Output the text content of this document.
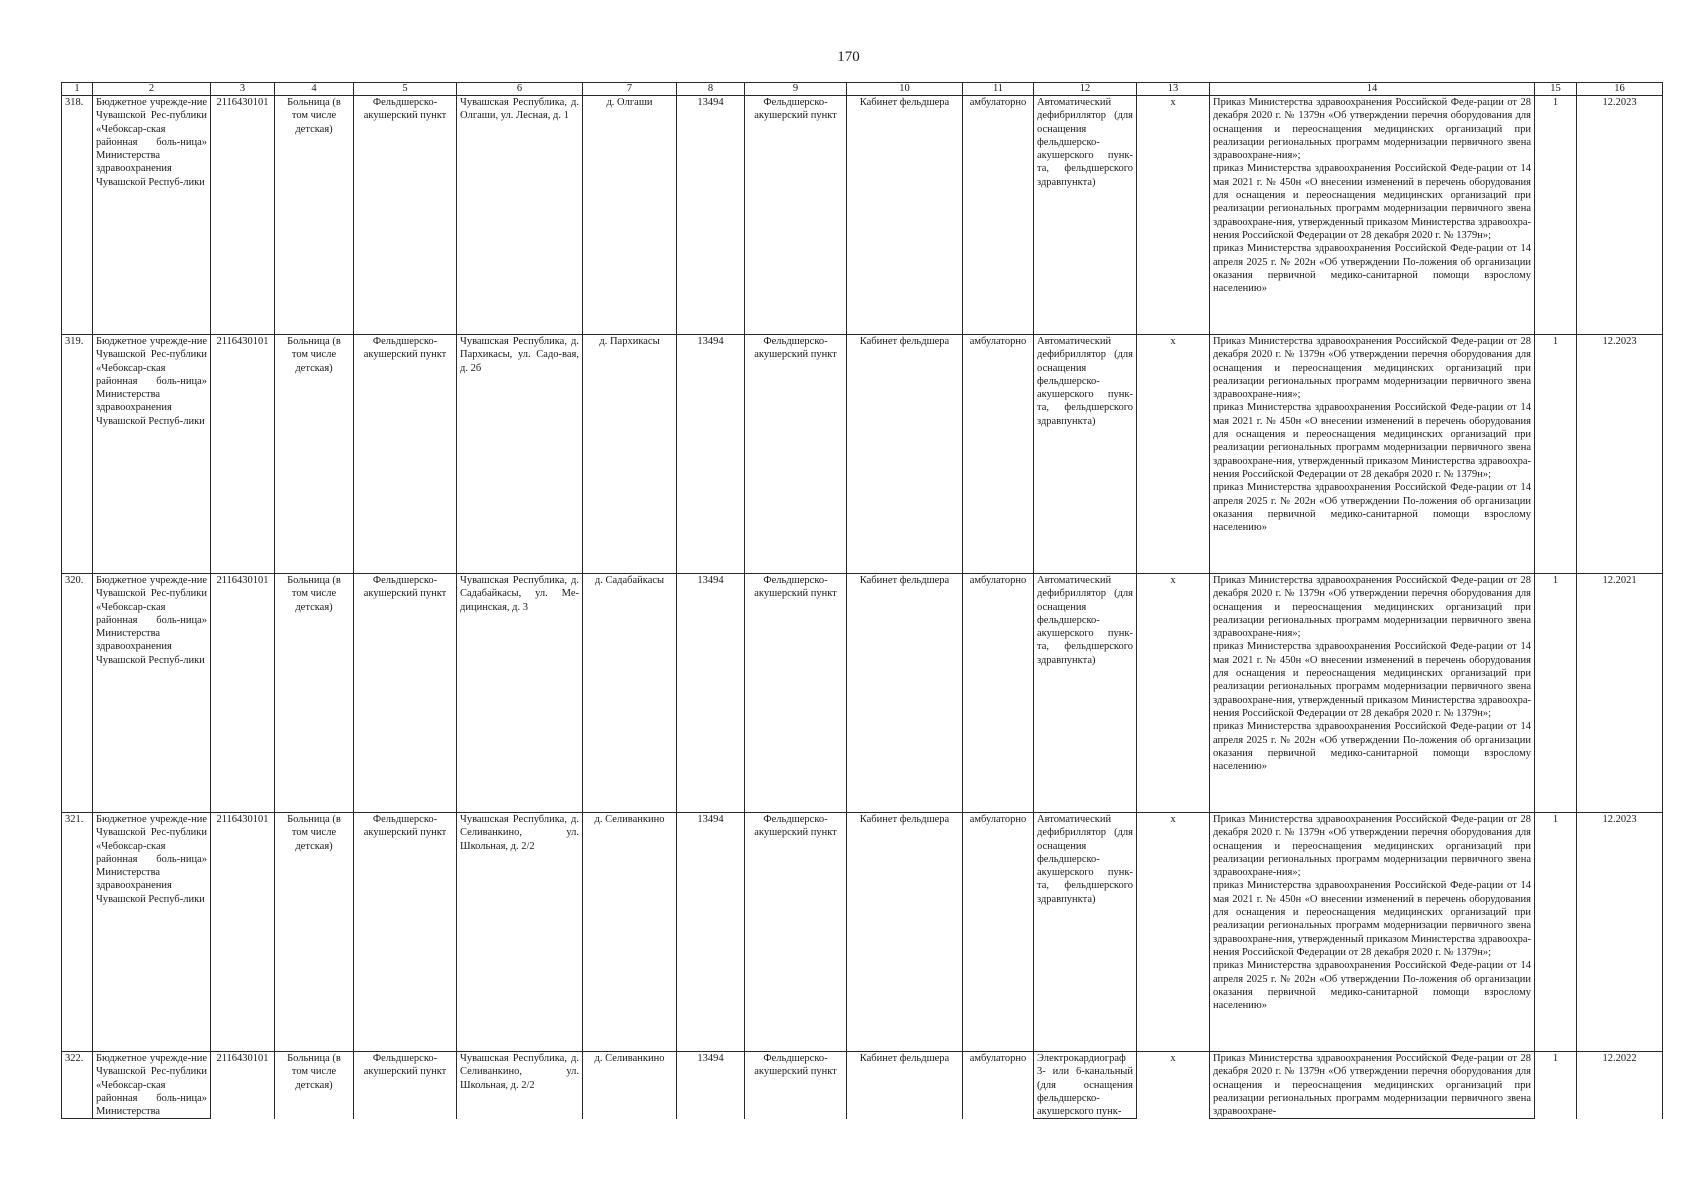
170
1	2	3	4	5	6	7	8	9	10	11	12	13	14	15	16
318.	Бюджетное учрежде-ние Чувашской Рес-публики «Чебоксар-ская районная боль-ница» Министерства здравоохранения Чувашской Респуб-лики	2116430101	Больница (в том числе детская)	Фельдшерско-акушерский пункт	Чувашская Республика, д. Олгаши, ул. Лесная, д. 1	д. Олгаши	13494	Фельдшерско-акушерский пункт	Кабинет фельдшера	амбулаторно	Автоматический дефибриллятор (для оснащения фельдшерско-акушерского пунк-та, фельдшерского здравпункта)	x	Приказ Министерства здравоохранения Российской Феде-рации от 28 декабря 2020 г. № 1379н «Об утверждении перечня оборудования для оснащения и переоснащения медицинских организаций при реализации региональных программ модернизации первичного звена здравоохране-ния»;
приказ Министерства здравоохранения Российской Феде-рации от 14 мая 2021 г. № 450н «О внесении изменений в перечень оборудования для оснащения и переоснащения медицинских организаций при реализации региональных программ модернизации первичного звена здравоохране-ния, утвержденный приказом Министерства здравоохра-нения Российской Федерации от 28 декабря 2020 г. № 1379н»;
приказ Министерства здравоохранения Российской Феде-рации от 14 апреля 2025 г. № 202н «Об утверждении По-ложения об организации оказания первичной медико-санитарной помощи взрослому населению»	1	12.2023
319.	Бюджетное учрежде-ние Чувашской Рес-публики «Чебоксар-ская районная боль-ница» Министерства здравоохранения Чувашской Респуб-лики	2116430101	Больница (в том числе детская)	Фельдшерско-акушерский пункт	Чувашская Республика, д. Пархикасы, ул. Садо-вая, д. 2б	д. Пархикасы	13494	Фельдшерско-акушерский пункт	Кабинет фельдшера	амбулаторно	Автоматический дефибриллятор (для оснащения фельдшерско-акушерского пунк-та, фельдшерского здравпункта)	x	Приказ Министерства здравоохранения Российской Феде-рации от 28 декабря 2020 г. № 1379н «Об утверждении перечня оборудования для оснащения и переоснащения медицинских организаций при реализации региональных программ модернизации первичного звена здравоохране-ния»;
приказ Министерства здравоохранения Российской Феде-рации от 14 мая 2021 г. № 450н «О внесении изменений в перечень оборудования для оснащения и переоснащения медицинских организаций при реализации региональных программ модернизации первичного звена здравоохране-ния, утвержденный приказом Министерства здравоохра-нения Российской Федерации от 28 декабря 2020 г. № 1379н»;
приказ Министерства здравоохранения Российской Феде-рации от 14 апреля 2025 г. № 202н «Об утверждении По-ложения об организации оказания первичной медико-санитарной помощи взрослому населению»	1	12.2023
320.	Бюджетное учрежде-ние Чувашской Рес-публики «Чебоксар-ская районная боль-ница» Министерства здравоохранения Чувашской Респуб-лики	2116430101	Больница (в том числе детская)	Фельдшерско-акушерский пункт	Чувашская Республика, д. Садабайкасы, ул. Ме-дицинская, д. 3	д. Садабайкасы	13494	Фельдшерско-акушерский пункт	Кабинет фельдшера	амбулаторно	Автоматический дефибриллятор (для оснащения фельдшерско-акушерского пунк-та, фельдшерского здравпункта)	x	Приказ Министерства здравоохранения Российской Феде-рации от 28 декабря 2020 г. № 1379н «Об утверждении перечня оборудования для оснащения и переоснащения медицинских организаций при реализации региональных программ модернизации первичного звена здравоохране-ния»;
приказ Министерства здравоохранения Российской Феде-рации от 14 мая 2021 г. № 450н «О внесении изменений в перечень оборудования для оснащения и переоснащения медицинских организаций при реализации региональных программ модернизации первичного звена здравоохране-ния, утвержденный приказом Министерства здравоохра-нения Российской Федерации от 28 декабря 2020 г. № 1379н»;
приказ Министерства здравоохранения Российской Феде-рации от 14 апреля 2025 г. № 202н «Об утверждении По-ложения об организации оказания первичной медико-санитарной помощи взрослому населению»	1	12.2021
321.	Бюджетное учрежде-ние Чувашской Рес-публики «Чебоксар-ская районная боль-ница» Министерства здравоохранения Чувашской Респуб-лики	2116430101	Больница (в том числе детская)	Фельдшерско-акушерский пункт	Чувашская Республика, д. Селиванкино, ул. Школьная, д. 2/2	д. Селиванкино	13494	Фельдшерско-акушерский пункт	Кабинет фельдшера	амбулаторно	Автоматический дефибриллятор (для оснащения фельдшерско-акушерского пунк-та, фельдшерского здравпункта)	x	Приказ Министерства здравоохранения Российской Феде-рации от 28 декабря 2020 г. № 1379н «Об утверждении перечня оборудования для оснащения и переоснащения медицинских организаций при реализации региональных программ модернизации первичного звена здравоохране-ния»;
приказ Министерства здравоохранения Российской Феде-рации от 14 мая 2021 г. № 450н «О внесении изменений в перечень оборудования для оснащения и переоснащения медицинских организаций при реализации региональных программ модернизации первичного звена здравоохране-ния, утвержденный приказом Министерства здравоохра-нения Российской Федерации от 28 декабря 2020 г. № 1379н»;
приказ Министерства здравоохранения Российской Феде-рации от 14 апреля 2025 г. № 202н «Об утверждении По-ложения об организации оказания первичной медико-санитарной помощи взрослому населению»	1	12.2023
322.	Бюджетное учрежде-ние Чувашской Рес-публики «Чебоксар-ская районная боль-ница» Министерства	2116430101	Больница (в том числе детская)	Фельдшерско-акушерский пункт	Чувашская Республика, д. Селиванкино, ул. Школьная, д. 2/2	д. Селиванкино	13494	Фельдшерско-акушерский пункт	Кабинет фельдшера	амбулаторно	Электрокардиограф 3- или 6-канальный (для оснащения фельдшерско-акушерского пунк-	x	Приказ Министерства здравоохранения Российской Феде-рации от 28 декабря 2020 г. № 1379н «Об утверждении перечня оборудования для оснащения и переоснащения медицинских организаций при реализации региональных программ модернизации первичного звена здравоохране-	1	12.2022
